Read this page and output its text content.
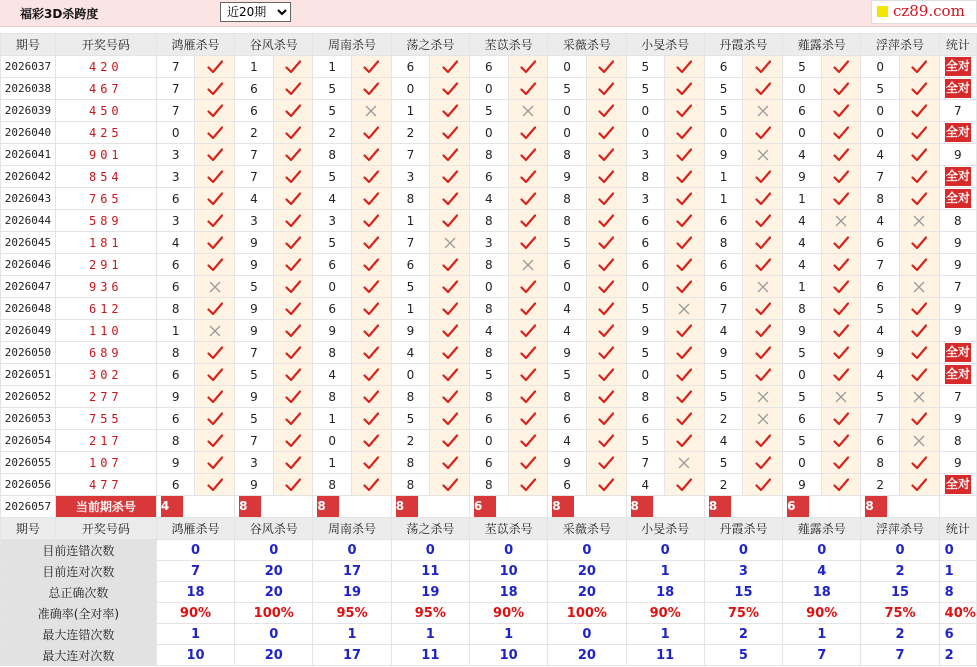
福彩3D杀跨度
近20期	cz89.com
期号	开奖号码	鸿雁杀号		谷风杀号		周南杀号		荡之杀号		苤苡杀号		采薇杀号		小旻杀号		丹霞杀号		薤露杀号		浮萍杀号		统计
2026037	420	7		1		1		6		6		0		5		6		5		0		全对
2026038	467	7		6		5		0		0		5		5		5		0		5		全对
2026039	450	7		6		5		1		5		0		0		5		6		0		7
2026040	425	0		2		2		2		0		0		0		0		0		0		全对
2026041	901	3		7		8		7		8		8		3		9		4		4		9
2026042	854	3		7		5		3		6		9		8		1		9		7		全对
2026043	765	6		4		4		8		4		8		3		1		1		8		全对
2026044	589	3		3		3		1		8		8		6		6		4		4		8
2026045	181	4		9		5		7		3		5		6		8		4		6		9
2026046	291	6		9		6		6		8		6		6		6		4		7		9
2026047	936	6		5		0		5		0		0		0		6		1		6		7
2026048	612	8		9		6		1		8		4		5		7		8		5		9
2026049	110	1		9		9		9		4		4		9		4		9		4		9
2026050	689	8		7		8		4		8		9		5		9		5		9		全对
2026051	302	6		5		4		0		5		5		0		5		0		4		全对
2026052	277	9		9		8		8		8		8		8		5		5		5		7
2026053	755	6		5		1		5		6		6		6		2		6		7		9
2026054	217	8		7		0		2		0		4		5		4		5		6		8
2026055	107	9		3		1		8		6		9		7		5		0		8		9
2026056	477	6		9		8		8		8		6		4		2		9		2		全对
2026057	当前期杀号	4		8		8		8		6		8		8		8		6		8		

期号	开奖号码	鸿雁杀号		谷风杀号		周南杀号		荡之杀号		苤苡杀号		采薇杀号		小旻杀号		丹霞杀号		薤露杀号		浮萍杀号		统计
目前连错次数		0		0		0		0		0		0		0		0		0		0		0
目前连对次数		7		20		17		11		10		20		1		3		4		2		1
总正确次数		18		20		19		19		18		20		18		15		18		15		8
准确率(全对率)		90%		100%		95%		95%		90%		100%		90%		75%		90%		75%		40%
最大连错次数		1		0		1		1		1		0		1		2		1		2		6
最大连对次数		10		20		17		11		10		20		11		5		7		7		2
